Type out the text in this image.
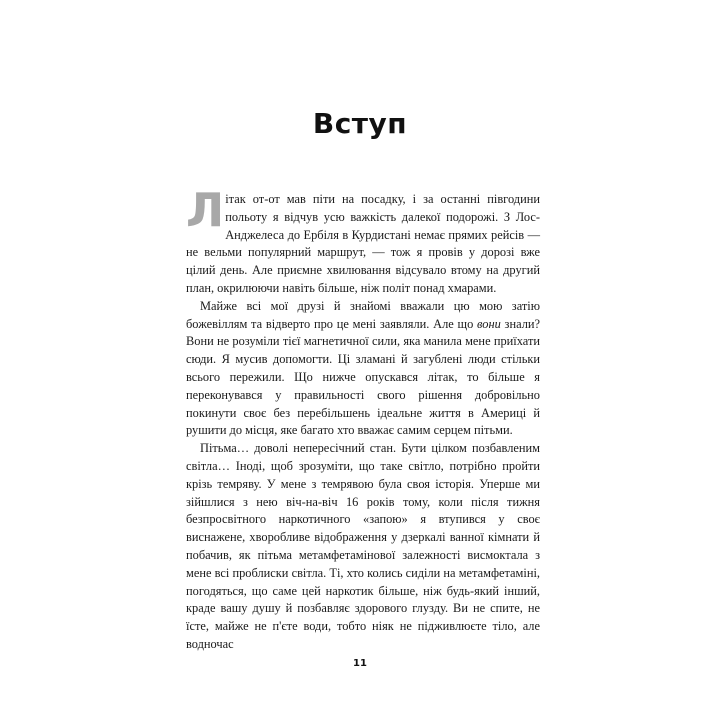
Вступ

Літак от-от мав піти на посадку, і за останні півгодини польоту я відчув усю важкість далекої подорожі. З Лос-Анджелеса до Ербіля в Курдистані немає прямих рейсів — не вельми популярний маршрут, — тож я провів у дорозі вже цілий день. Але приємне хвилювання відсувало втому на другий план, окрилюючи навіть більше, ніж політ понад хмарами.

Майже всі мої друзі й знайомі вважали цю мою затію божевіллям та відверто про це мені заявляли. Але що вони знали? Вони не розуміли тієї магнетичної сили, яка манила мене приїхати сюди. Я мусив допомогти. Ці зламані й загублені люди стільки всього пережили. Що нижче опускався літак, то більше я переконувався у правильності свого рішення добровільно покинути своє без перебільшень ідеальне життя в Америці й рушити до місця, яке багато хто вважає самим серцем пітьми.

Пітьма… доволі непересічний стан. Бути цілком позбавленим світла… Іноді, щоб зрозуміти, що таке світло, потрібно пройти крізь темряву. У мене з темрявою була своя історія. Уперше ми зійшлися з нею віч-на-віч 16 років тому, коли після тижня безпросвітного наркотичного «запою» я втупився у своє виснажене, хворобливе відображення у дзеркалі ванної кімнати й побачив, як пітьма метамфетамінової залежності висмоктала з мене всі проблиски світла. Ті, хто колись сиділи на метамфетаміні, погодяться, що саме цей наркотик більше, ніж будь-який інший, краде вашу душу й позбавляє здорового глузду. Ви не спите, не їсте, майже не п'єте води, тобто ніяк не підживлюєте тіло, але водночас

11
